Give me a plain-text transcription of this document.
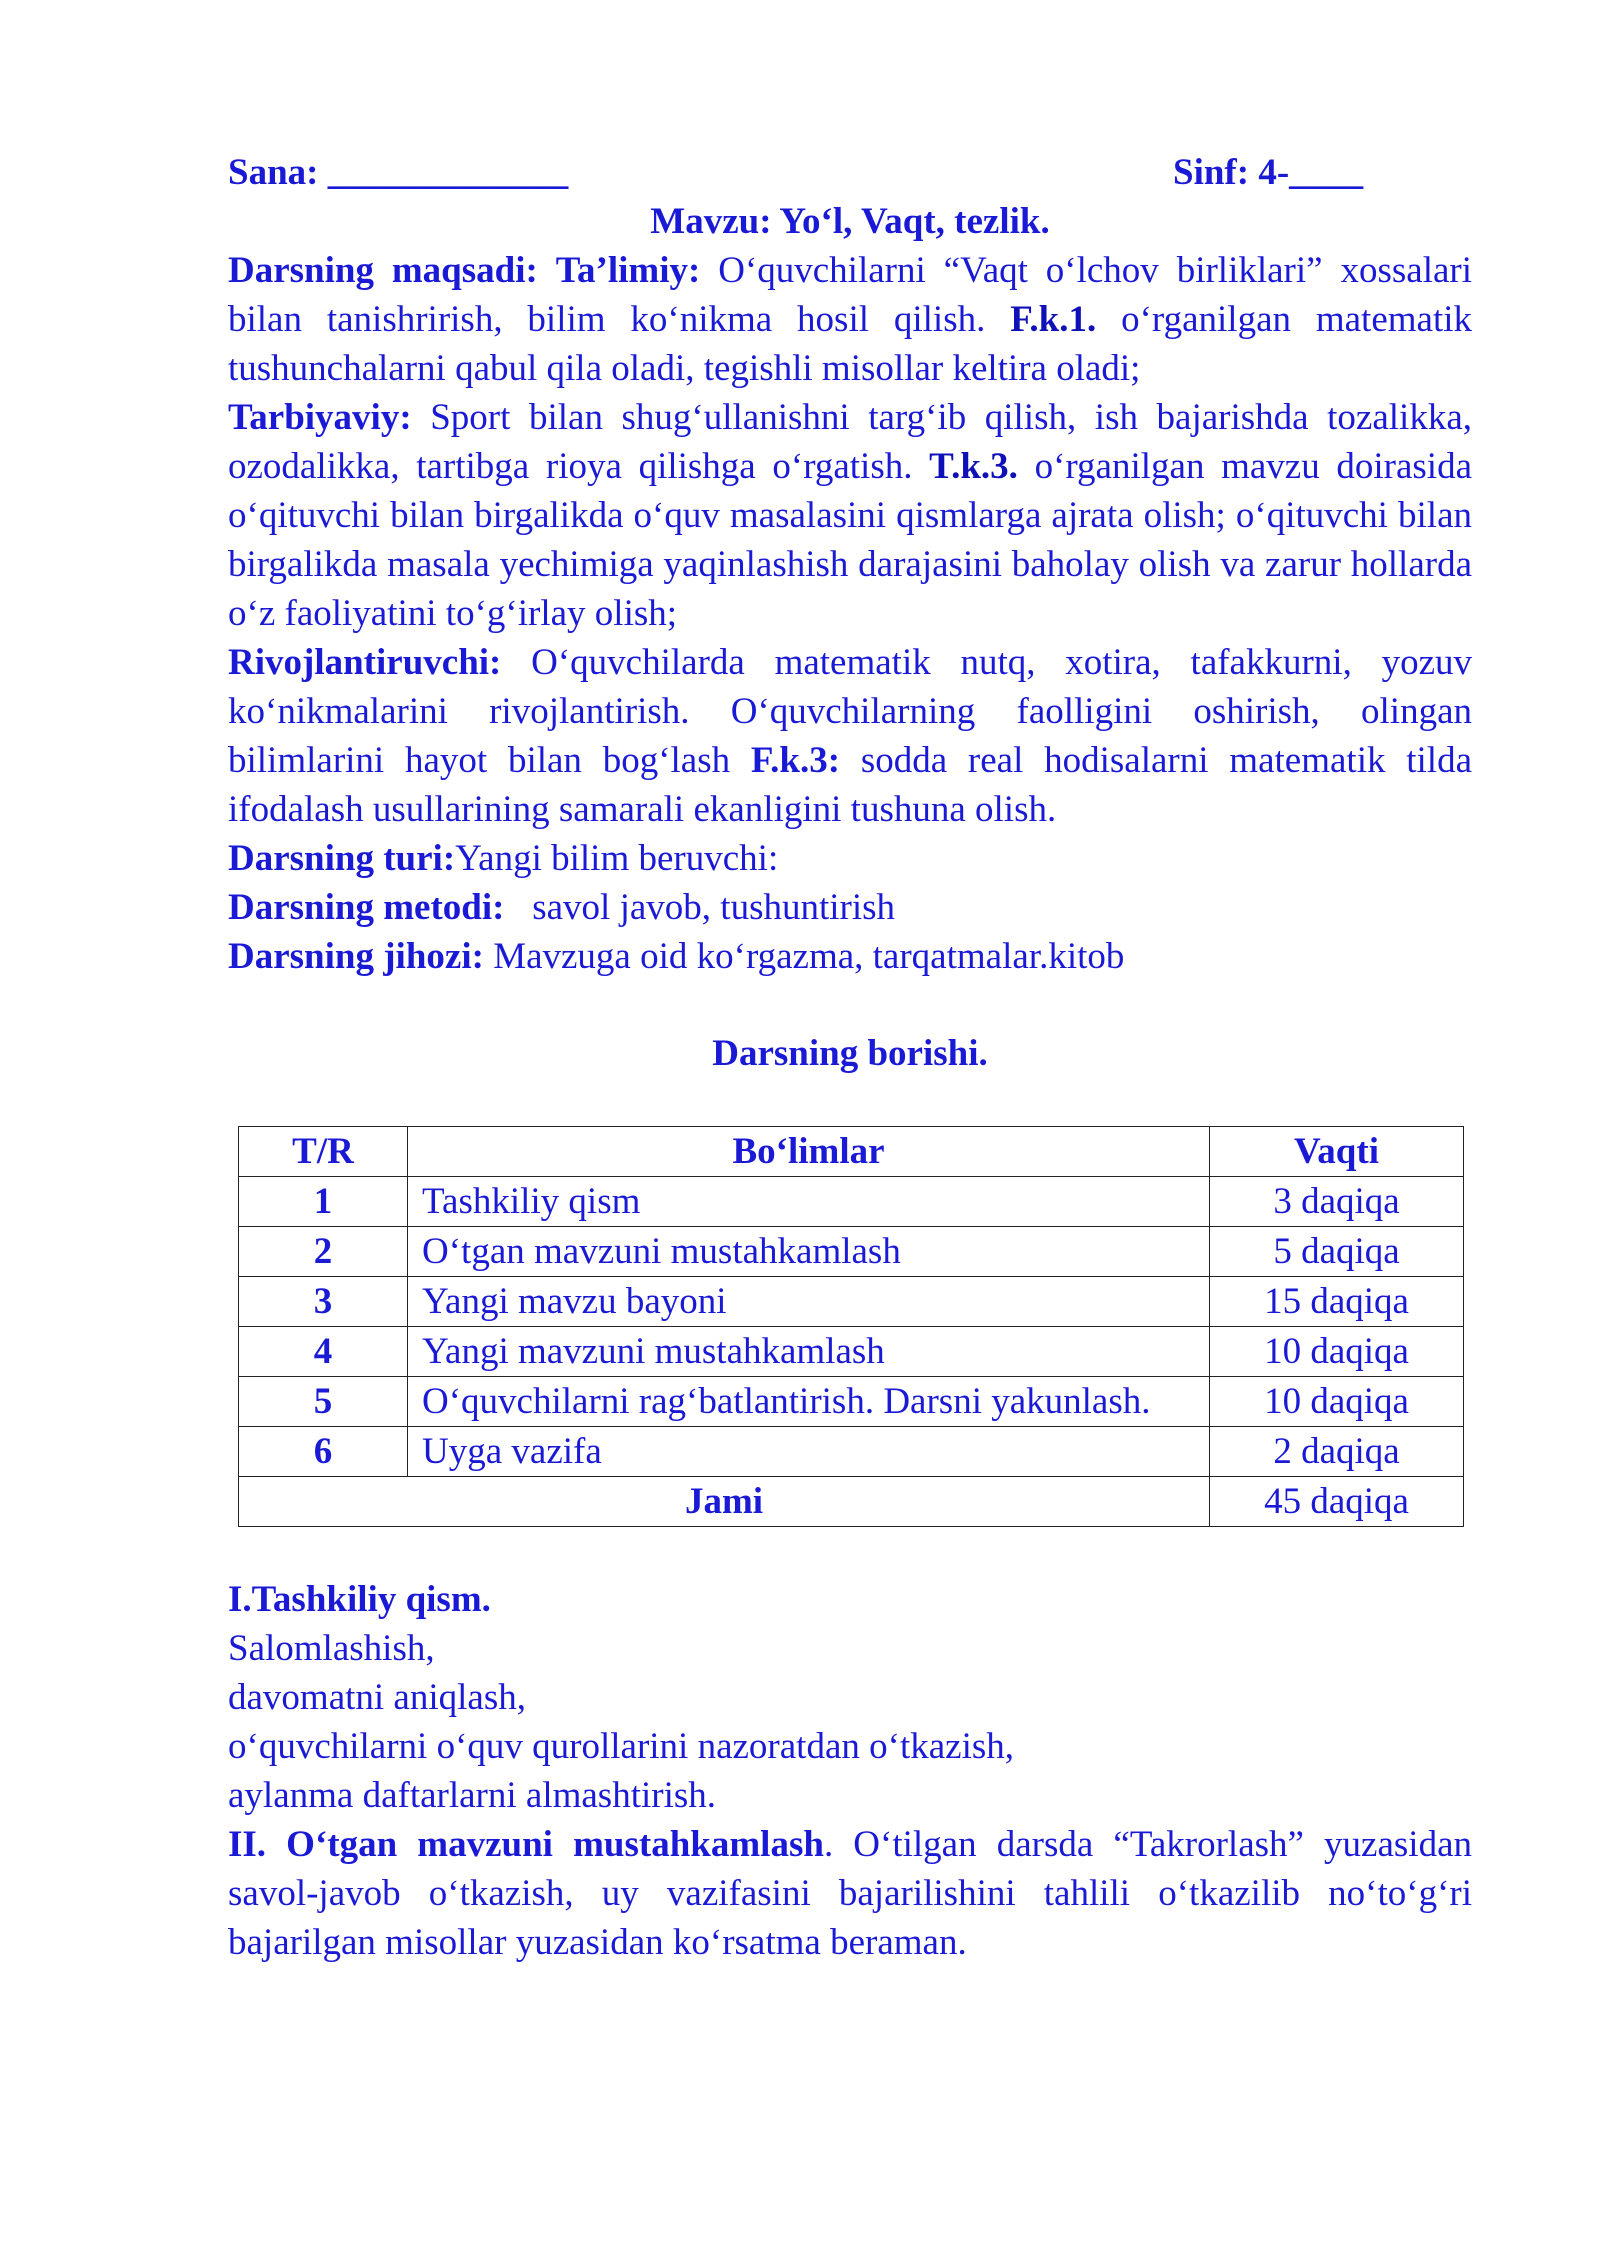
Sana: _____________	Sinf: 4-____

Mavzu: Yo‘l, Vaqt, tezlik.

Darsning maqsadi: Ta’limiy: O‘quvchilarni “Vaqt o‘lchov birliklari” xossalari bilan tanishrirish, bilim ko‘nikma hosil qilish. F.k.1. o‘rganilgan matematik tushunchalarni qabul qila oladi, tegishli misollar keltira oladi;

Tarbiyaviy: Sport bilan shug‘ullanishni targ‘ib qilish, ish bajarishda tozalikka, ozodalikka, tartibga rioya qilishga o‘rgatish. T.k.3. o‘rganilgan mavzu doirasida o‘qituvchi bilan birgalikda o‘quv masalasini qismlarga ajrata olish; o‘qituvchi bilan birgalikda masala yechimiga yaqinlashish darajasini baholay olish va zarur hollarda o‘z faoliyatini to‘g‘irlay olish;

Rivojlantiruvchi: O‘quvchilarda matematik nutq, xotira, tafakkurni, yozuv ko‘nikmalarini rivojlantirish. O‘quvchilarning faolligini oshirish, olingan bilimlarini hayot bilan bog‘lash F.k.3: sodda real hodisalarni matematik tilda ifodalash usullarining samarali ekanligini tushuna olish.

Darsning turi:Yangi bilim beruvchi:

Darsning metodi: savol javob, tushuntirish

Darsning jihozi: Mavzuga oid ko‘rgazma, tarqatmalar.kitob

Darsning borishi.

T/R	Bo‘limlar	Vaqti
1	Tashkiliy qism	3 daqiqa
2	O‘tgan mavzuni mustahkamlash	5 daqiqa
3	Yangi mavzu bayoni	15 daqiqa
4	Yangi mavzuni mustahkamlash	10 daqiqa
5	O‘quvchilarni rag‘batlantirish. Darsni yakunlash.	10 daqiqa
6	Uyga vazifa	2 daqiqa
Jami		45 daqiqa

I.Tashkiliy qism.

Salomlashish,

davomatni aniqlash,

o‘quvchilarni o‘quv qurollarini nazoratdan o‘tkazish,

aylanma daftarlarni almashtirish.

II. O‘tgan mavzuni mustahkamlash. O‘tilgan darsda “Takrorlash” yuzasidan savol-javob o‘tkazish, uy vazifasini bajarilishini tahlili o‘tkazilib no‘to‘g‘ri bajarilgan misollar yuzasidan ko‘rsatma beraman.
